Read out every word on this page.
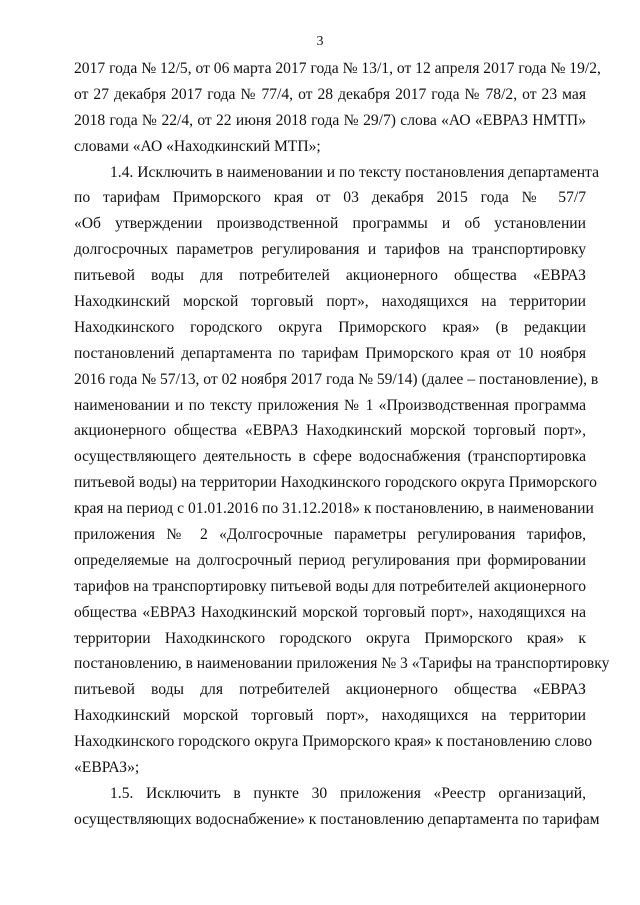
3
2017 года № 12/5, от 06 марта 2017 года № 13/1, от 12 апреля 2017 года № 19/2,
от 27 декабря 2017 года № 77/4, от 28 декабря 2017 года № 78/2, от 23 мая
2018 года № 22/4, от 22 июня 2018 года № 29/7) слова «АО «ЕВРАЗ НМТП»
словами «АО «Находкинский МТП»;
1.4. Исключить в наименовании и по тексту постановления департамента
по тарифам Приморского края от 03 декабря 2015 года № 57/7
«Об утверждении производственной программы и об установлении
долгосрочных параметров регулирования и тарифов на транспортировку
питьевой воды для потребителей акционерного общества «ЕВРАЗ
Находкинский морской торговый порт», находящихся на территории
Находкинского городского округа Приморского края» (в редакции
постановлений департамента по тарифам Приморского края от 10 ноября
2016 года № 57/13, от 02 ноября 2017 года № 59/14) (далее – постановление), в
наименовании и по тексту приложения № 1 «Производственная программа
акционерного общества «ЕВРАЗ Находкинский морской торговый порт»,
осуществляющего деятельность в сфере водоснабжения (транспортировка
питьевой воды) на территории Находкинского городского округа Приморского
края на период с 01.01.2016 по 31.12.2018» к постановлению, в наименовании
приложения № 2 «Долгосрочные параметры регулирования тарифов,
определяемые на долгосрочный период регулирования при формировании
тарифов на транспортировку питьевой воды для потребителей акционерного
общества «ЕВРАЗ Находкинский морской торговый порт», находящихся на
территории Находкинского городского округа Приморского края» к
постановлению, в наименовании приложения № 3 «Тарифы на транспортировку
питьевой воды для потребителей акционерного общества «ЕВРАЗ
Находкинский морской торговый порт», находящихся на территории
Находкинского городского округа Приморского края» к постановлению слово
«ЕВРАЗ»;
1.5. Исключить в пункте 30 приложения «Реестр организаций,
осуществляющих водоснабжение» к постановлению департамента по тарифам
